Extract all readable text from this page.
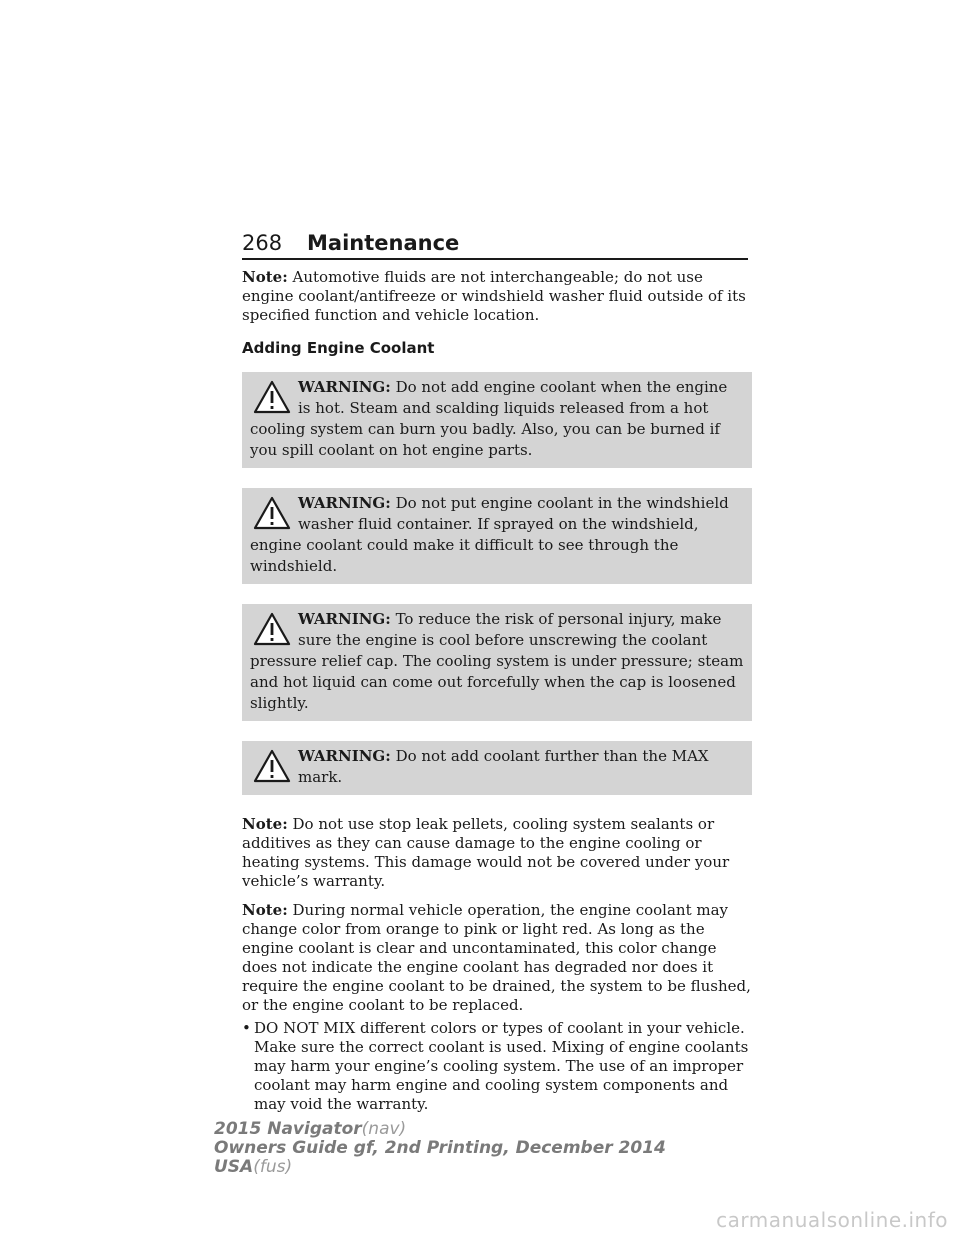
268 Maintenance

Note: Automotive fluids are not interchangeable; do not use engine coolant/antifreeze or windshield washer fluid outside of its specified function and vehicle location.

Adding Engine Coolant
WARNING: Do not add engine coolant when the engine is hot. Steam and scalding liquids released from a hot cooling system can burn you badly. Also, you can be burned if you spill coolant on hot engine parts.
WARNING: Do not put engine coolant in the windshield washer fluid container. If sprayed on the windshield, engine coolant could make it difficult to see through the windshield.
WARNING: To reduce the risk of personal injury, make sure the engine is cool before unscrewing the coolant pressure relief cap. The cooling system is under pressure; steam and hot liquid can come out forcefully when the cap is loosened slightly.
WARNING: Do not add coolant further than the MAX mark.

Note: Do not use stop leak pellets, cooling system sealants or additives as they can cause damage to the engine cooling or heating systems. This damage would not be covered under your vehicle’s warranty.

Note: During normal vehicle operation, the engine coolant may change color from orange to pink or light red. As long as the engine coolant is clear and uncontaminated, this color change does not indicate the engine coolant has degraded nor does it require the engine coolant to be drained, the system to be flushed, or the engine coolant to be replaced.

• DO NOT MIX different colors or types of coolant in your vehicle. Make sure the correct coolant is used. Mixing of engine coolants may harm your engine’s cooling system. The use of an improper coolant may harm engine and cooling system components and may void the warranty.
2015 Navigator(nav)
Owners Guide gf, 2nd Printing, December 2014
USA(fus)
carmanualsonline.info
